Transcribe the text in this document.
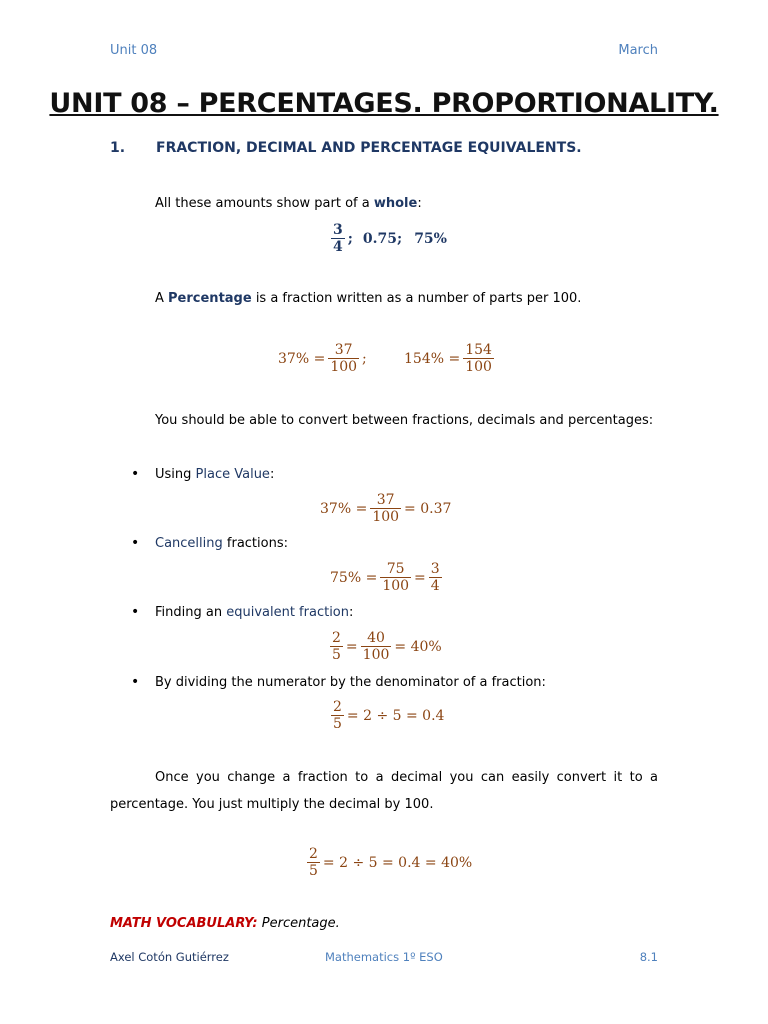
Unit 08	March
UNIT 08 – PERCENTAGES. PROPORTIONALITY.
1. FRACTION, DECIMAL AND PERCENTAGE EQUIVALENTS.
All these amounts show part of a whole:
$\frac{3}{4}$ ; 0.75; 75%
A Percentage is a fraction written as a number of parts per 100.
$37\% = \frac{37}{100}$ ;	$154\% = \frac{154}{100}$
You should be able to convert between fractions, decimals and percentages:
• Using Place Value:
$37\% = \frac{37}{100} = 0.37$
• Cancelling fractions:
$75\% = \frac{75}{100} = \frac{3}{4}$
• Finding an equivalent fraction:
$\frac{2}{5} = \frac{40}{100} = 40\%$
• By dividing the numerator by the denominator of a fraction:
$\frac{2}{5} = 2 \div 5 = 0.4$
Once you change a fraction to a decimal you can easily convert it to a percentage. You just multiply the decimal by 100.
$\frac{2}{5} = 2 \div 5 = 0.4 = 40\%$
MATH VOCABULARY: Percentage.
Axel Cotón Gutiérrez	Mathematics 1º ESO	8.1
